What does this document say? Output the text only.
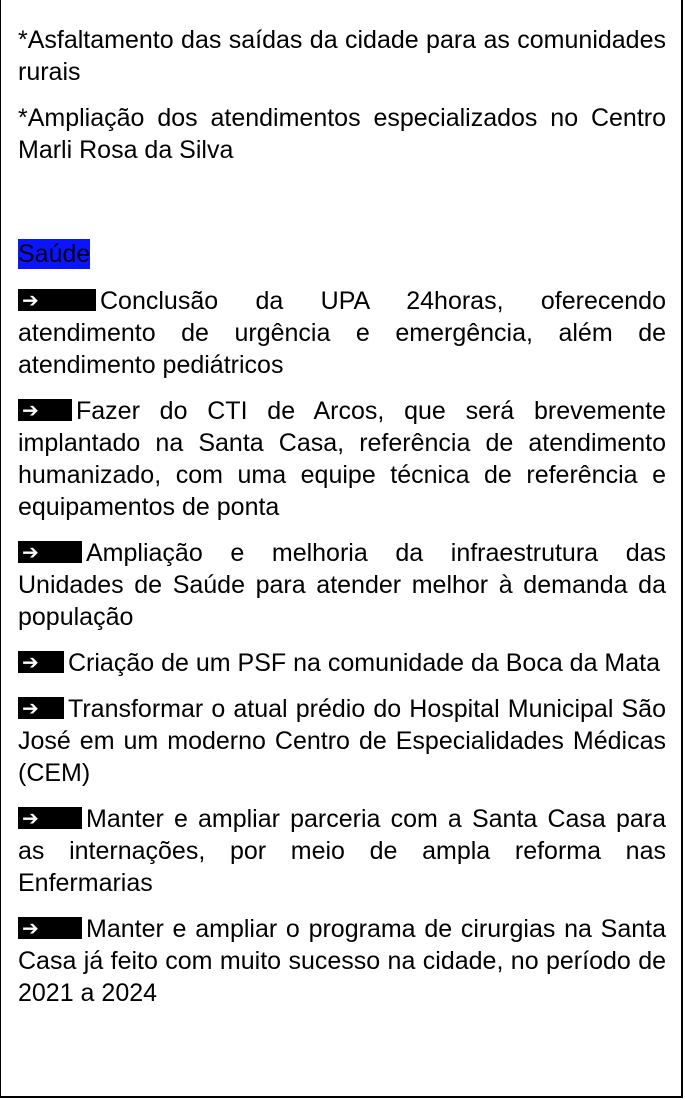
*Asfaltamento das saídas da cidade para as comunidades rurais

*Ampliação dos atendimentos especializados no Centro Marli Rosa da Silva

Saúde

➔ Conclusão da UPA 24horas, oferecendo atendimento de urgência e emergência, além de atendimento pediátricos

➔ Fazer do CTI de Arcos, que será brevemente implantado na Santa Casa, referência de atendimento humanizado, com uma equipe técnica de referência e equipamentos de ponta

➔ Ampliação e melhoria da infraestrutura das Unidades de Saúde para atender melhor à demanda da população

➔ Criação de um PSF na comunidade da Boca da Mata

➔ Transformar o atual prédio do Hospital Municipal São José em um moderno Centro de Especialidades Médicas (CEM)

➔ Manter e ampliar parceria com a Santa Casa para as internações, por meio de ampla reforma nas Enfermarias

➔ Manter e ampliar o programa de cirurgias na Santa Casa já feito com muito sucesso na cidade, no período de 2021 a 2024
